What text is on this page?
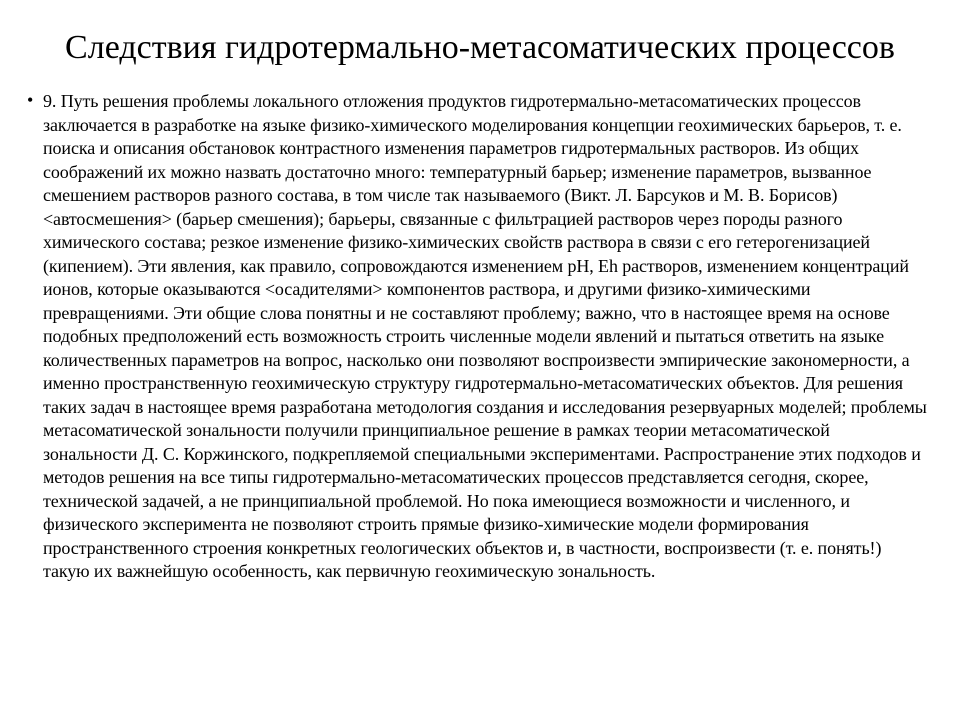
Следствия гидротермально-метасоматических процессов
• 9. Путь решения проблемы локального отложения продуктов гидротермально-метасоматических процессов заключается в разработке на языке физико-химического моделирования концепции геохимических барьеров, т. е. поиска и описания обстановок контрастного изменения параметров гидротермальных растворов. Из общих соображений их можно назвать достаточно много: температурный барьер; изменение параметров, вызванное смешением растворов разного состава, в том числе так называемого (Викт. Л. Барсуков и М. В. Борисов) <автосмешения> (барьер смешения); барьеры, связанные с фильтрацией растворов через породы разного химического состава; резкое изменение физико-химических свойств раствора в связи с его гетерогенизацией (кипением). Эти явления, как правило, сопровождаются изменением рН, Eh растворов, изменением концентраций ионов, которые оказываются <осадителями> компонентов раствора, и другими физико-химическими превращениями. Эти общие слова понятны и не составляют проблему; важно, что в настоящее время на основе подобных предположений есть возможность строить численные модели явлений и пытаться ответить на языке количественных параметров на вопрос, насколько они позволяют воспроизвести эмпирические закономерности, а именно пространственную геохимическую структуру гидротермально-метасоматических объектов. Для решения таких задач в настоящее время разработана методология создания и исследования резервуарных моделей; проблемы метасоматической зональности получили принципиальное решение в рамках теории метасоматической зональности Д. С. Коржинского, подкрепляемой специальными экспериментами. Распространение этих подходов и методов решения на все типы гидротермально-метасоматических процессов представляется сегодня, скорее, технической задачей, а не принципиальной проблемой. Но пока имеющиеся возможности и численного, и физического эксперимента не позволяют строить прямые физико-химические модели формирования пространственного строения конкретных геологических объектов и, в частности, воспроизвести (т. е. понять!) такую их важнейшую особенность, как первичную геохимическую зональность.
